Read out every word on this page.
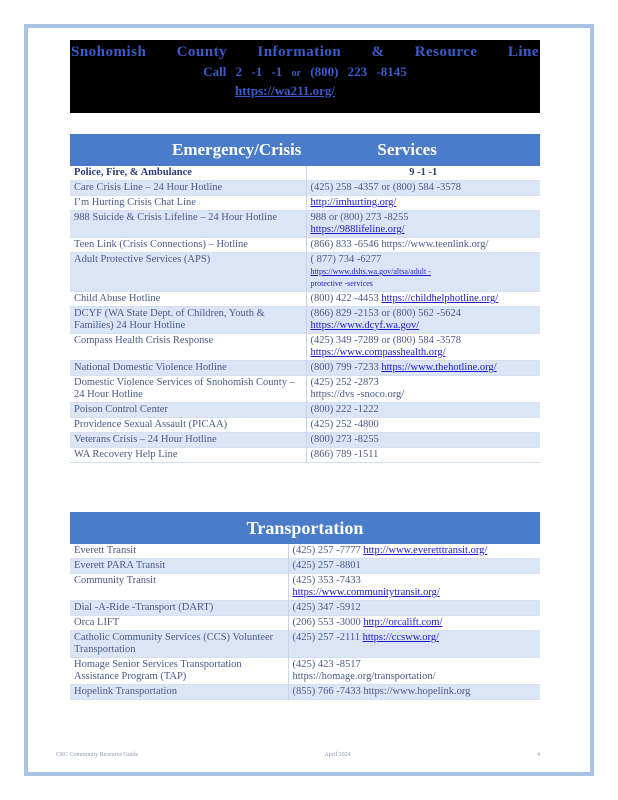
Snohomish County Information & Resource Line
Call 2 -1 -1 or (800) 223 -8145
https://wa211.org/
Emergency/Crisis	Services
Police, Fire, & Ambulance	9 -1 -1
Care Crisis Line – 24 Hour Hotline	(425) 258 -4357 or (800) 584 -3578

I’m Hurting Crisis Chat Line	http://imhurting.org/

988 Suicide & Crisis Lifeline – 24 Hour Hotline	988 or (800) 273 -8255
https://988lifeline.org/

Teen Link (Crisis Connections) – Hotline	(866) 833 -6546 https://www.teenlink.org/

Adult Protective Services (APS)	( 877) 734 -6277
https://www.dshs.wa.gov/altsa/adult -
protective -services

Child Abuse Hotline	(800) 422 -4453 https://childhelphotline.org/

DCYF (WA State Dept. of Children, Youth & Families) 24 Hour Hotline	(866) 829 -2153 or (800) 562 -5624
https://www.dcyf.wa.gov/

Compass Health Crisis Response	(425) 349 -7289 or (800) 584 -3578
https://www.compasshealth.org/

National Domestic Violence Hotline	(800) 799 -7233 https://www.thehotline.org/

Domestic Violence Services of Snohomish County – 24 Hour Hotline	(425) 252 -2873
https://dvs -snoco.org/

Poison Control Center	(800) 222 -1222

Providence Sexual Assault (PICAA)	(425) 252 -4800

Veterans Crisis – 24 Hour Hotline	(800) 273 -8255

WA Recovery Help Line	(866) 789 -1511
Transportation
Everett Transit	(425) 257 -7777 http://www.everetttransit.org/

Everett PARA Transit	(425) 257 -8801

Community Transit	(425) 353 -7433
https://www.communitytransit.org/

Dial -A-Ride -Transport (DART)	(425) 347 -5912

Orca LIFT	(206) 553 -3000 http://orcalift.com/

Catholic Community Services (CCS) Volunteer Transportation	(425) 257 -2111 https://ccsww.org/

Homage Senior Services Transportation Assistance Program (TAP)	(425) 423 -8517
https://homage.org/transportation/

Hopelink Transportation	(855) 766 -7433 https://www.hopelink.org
CRC Community Resource Guide	April 2024	4
